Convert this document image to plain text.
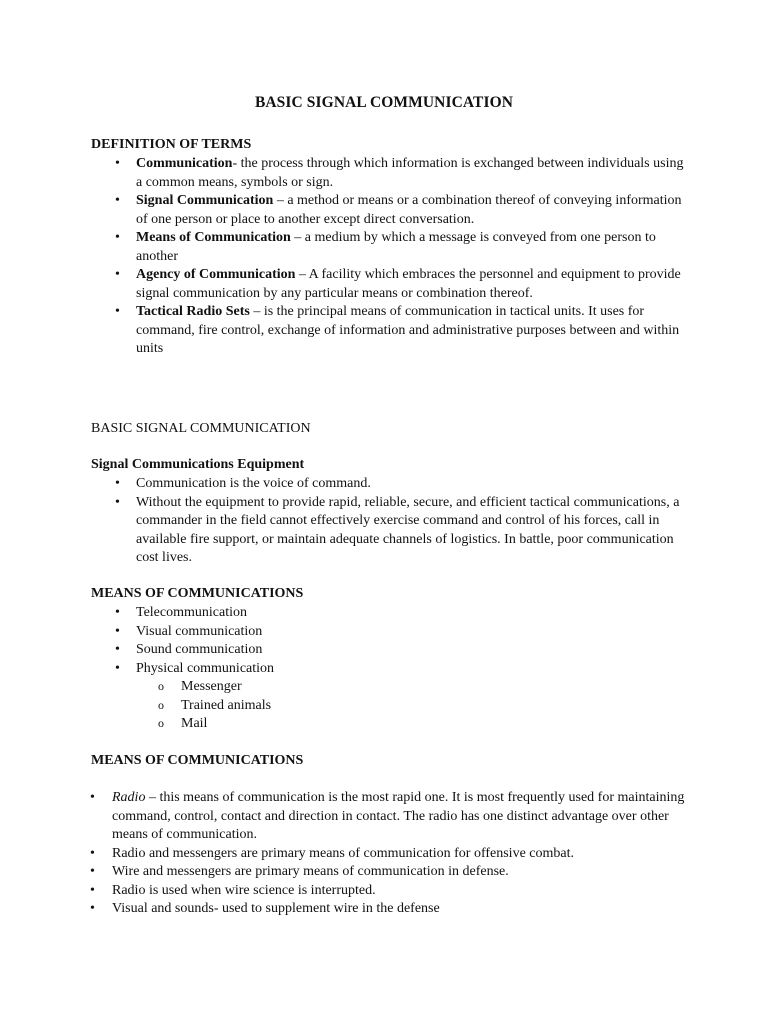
BASIC SIGNAL COMMUNICATION
DEFINITION OF TERMS
• Communication- the process through which information is exchanged between individuals using a common means, symbols or sign.
• Signal Communication – a method or means or a combination thereof of conveying information of one person or place to another except direct conversation.
• Means of Communication – a medium by which a message is conveyed from one person to another
• Agency of Communication – A facility which embraces the personnel and equipment to provide signal communication by any particular means or combination thereof.
• Tactical Radio Sets – is the principal means of communication in tactical units. It uses for command, fire control, exchange of information and administrative purposes between and within units
BASIC SIGNAL COMMUNICATION
Signal Communications Equipment
• Communication is the voice of command.
• Without the equipment to provide rapid, reliable, secure, and efficient tactical communications, a commander in the field cannot effectively exercise command and control of his forces, call in available fire support, or maintain adequate channels of logistics. In battle, poor communication cost lives.
MEANS OF COMMUNICATIONS
• Telecommunication
• Visual communication
• Sound communication
• Physical communication
o Messenger
o Trained animals
o Mail
MEANS OF COMMUNICATIONS
• Radio – this means of communication is the most rapid one. It is most frequently used for maintaining command, control, contact and direction in contact. The radio has one distinct advantage over other means of communication.
• Radio and messengers are primary means of communication for offensive combat.
• Wire and messengers are primary means of communication in defense.
• Radio is used when wire science is interrupted.
• Visual and sounds- used to supplement wire in the defense
